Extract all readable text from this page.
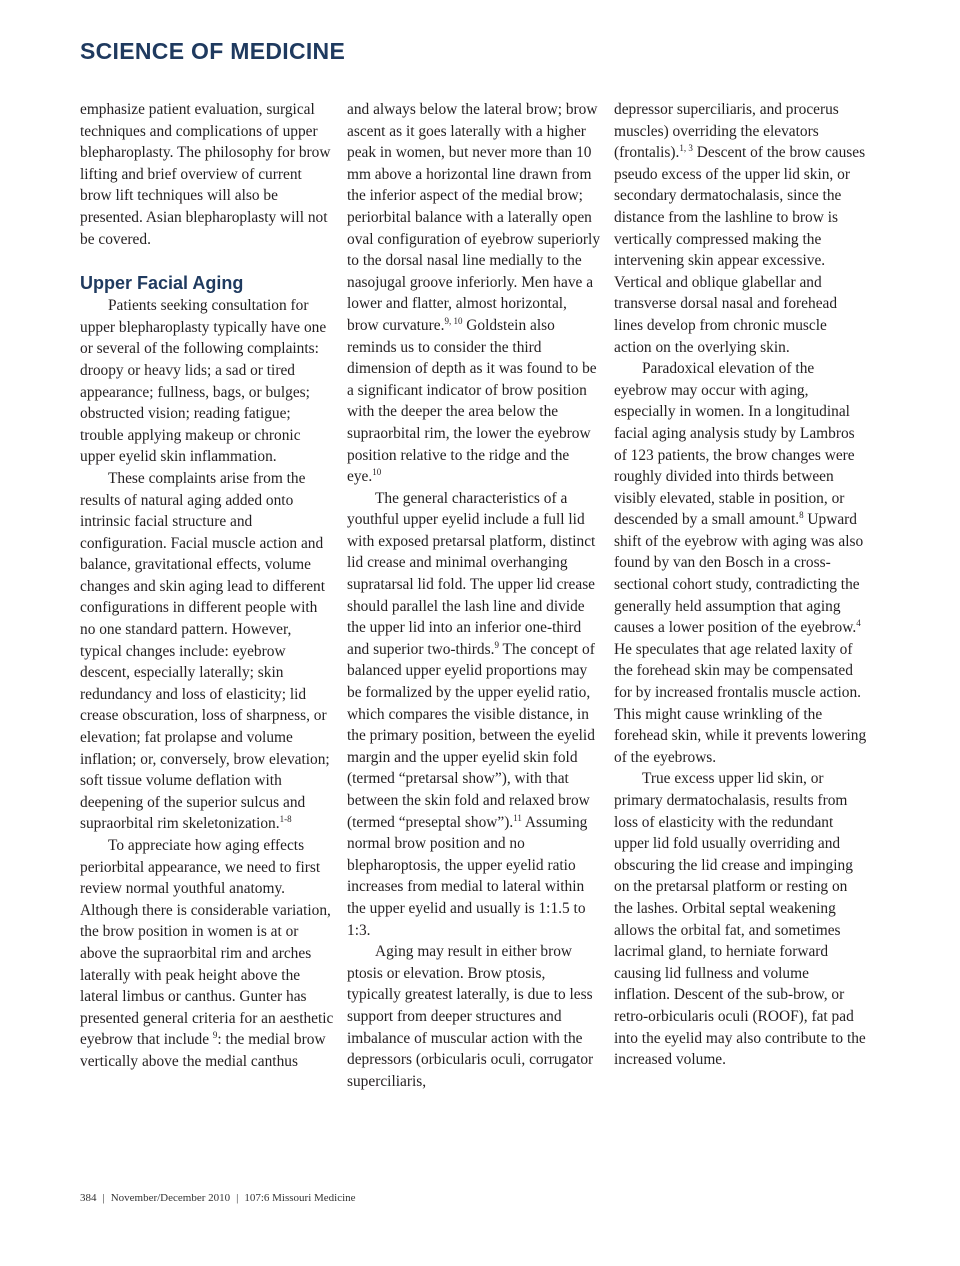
SCIENCE OF MEDICINE

emphasize patient evaluation, surgical techniques and complications of upper blepharoplasty. The philosophy for brow lifting and brief overview of current brow lift techniques will also be presented. Asian blepharoplasty will not be covered.

Upper Facial Aging

Patients seeking consultation for upper blepharoplasty typically have one or several of the following complaints: droopy or heavy lids; a sad or tired appearance; fullness, bags, or bulges; obstructed vision; reading fatigue; trouble applying makeup or chronic upper eyelid skin inflammation.

These complaints arise from the results of natural aging added onto intrinsic facial structure and configuration. Facial muscle action and balance, gravitational effects, volume changes and skin aging lead to different configurations in different people with no one standard pattern. However, typical changes include: eyebrow descent, especially laterally; skin redundancy and loss of elasticity; lid crease obscuration, loss of sharpness, or elevation; fat prolapse and volume inflation; or, conversely, brow elevation; soft tissue volume deflation with deepening of the superior sulcus and supraorbital rim skeletonization.$^{1-8}$

To appreciate how aging effects periorbital appearance, we need to first review normal youthful anatomy. Although there is considerable variation, the brow position in women is at or above the supraorbital rim and arches laterally with peak height above the lateral limbus or canthus. Gunter has presented general criteria for an aesthetic eyebrow that include $^9$: the medial brow vertically above the medial canthus

and always below the lateral brow; brow ascent as it goes laterally with a higher peak in women, but never more than 10 mm above a horizontal line drawn from the inferior aspect of the medial brow; periorbital balance with a laterally open oval configuration of eyebrow superiorly to the dorsal nasal line medially to the nasojugal groove inferiorly. Men have a lower and flatter, almost horizontal, brow curvature.$^{9, 10}$ Goldstein also reminds us to consider the third dimension of depth as it was found to be a significant indicator of brow position with the deeper the area below the supraorbital rim, the lower the eyebrow position relative to the ridge and the eye.$^{10}$

The general characteristics of a youthful upper eyelid include a full lid with exposed pretarsal platform, distinct lid crease and minimal overhanging supratarsal lid fold. The upper lid crease should parallel the lash line and divide the upper lid into an inferior one-third and superior two-thirds.$^9$ The concept of balanced upper eyelid proportions may be formalized by the upper eyelid ratio, which compares the visible distance, in the primary position, between the eyelid margin and the upper eyelid skin fold (termed “pretarsal show”), with that between the skin fold and relaxed brow (termed “preseptal show”).$^{11}$ Assuming normal brow position and no blepharoptosis, the upper eyelid ratio increases from medial to lateral within the upper eyelid and usually is 1:1.5 to 1:3.

Aging may result in either brow ptosis or elevation. Brow ptosis, typically greatest laterally, is due to less support from deeper structures and imbalance of muscular action with the depressors (orbicularis oculi, corrugator superciliaris,

depressor superciliaris, and procerus muscles) overriding the elevators (frontalis).$^{1, 3}$ Descent of the brow causes pseudo excess of the upper lid skin, or secondary dermatochalasis, since the distance from the lashline to brow is vertically compressed making the intervening skin appear excessive. Vertical and oblique glabellar and transverse dorsal nasal and forehead lines develop from chronic muscle action on the overlying skin.

Paradoxical elevation of the eyebrow may occur with aging, especially in women. In a longitudinal facial aging analysis study by Lambros of 123 patients, the brow changes were roughly divided into thirds between visibly elevated, stable in position, or descended by a small amount.$^8$ Upward shift of the eyebrow with aging was also found by van den Bosch in a cross-sectional cohort study, contradicting the generally held assumption that aging causes a lower position of the eyebrow.$^4$ He speculates that age related laxity of the forehead skin may be compensated for by increased frontalis muscle action. This might cause wrinkling of the forehead skin, while it prevents lowering of the eyebrows.

True excess upper lid skin, or primary dermatochalasis, results from loss of elasticity with the redundant upper lid fold usually overriding and obscuring the lid crease and impinging on the pretarsal platform or resting on the lashes. Orbital septal weakening allows the orbital fat, and sometimes lacrimal gland, to herniate forward causing lid fullness and volume inflation. Descent of the sub-brow, or retro-orbicularis oculi (ROOF), fat pad into the eyelid may also contribute to the increased volume.

384 | November/December 2010 | 107:6 Missouri Medicine
